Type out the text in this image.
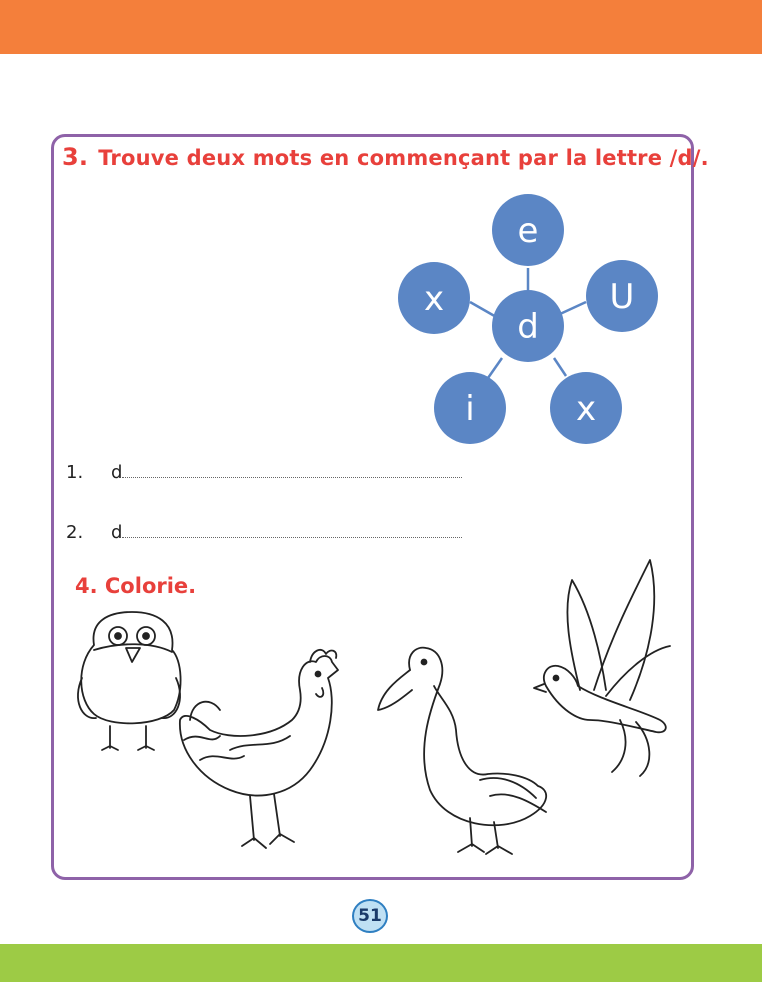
3. Trouve deux mots en commençant par la lettre /d/.
e
U
x
i	x
d
1. d
2. d
4. Colorie.
51
